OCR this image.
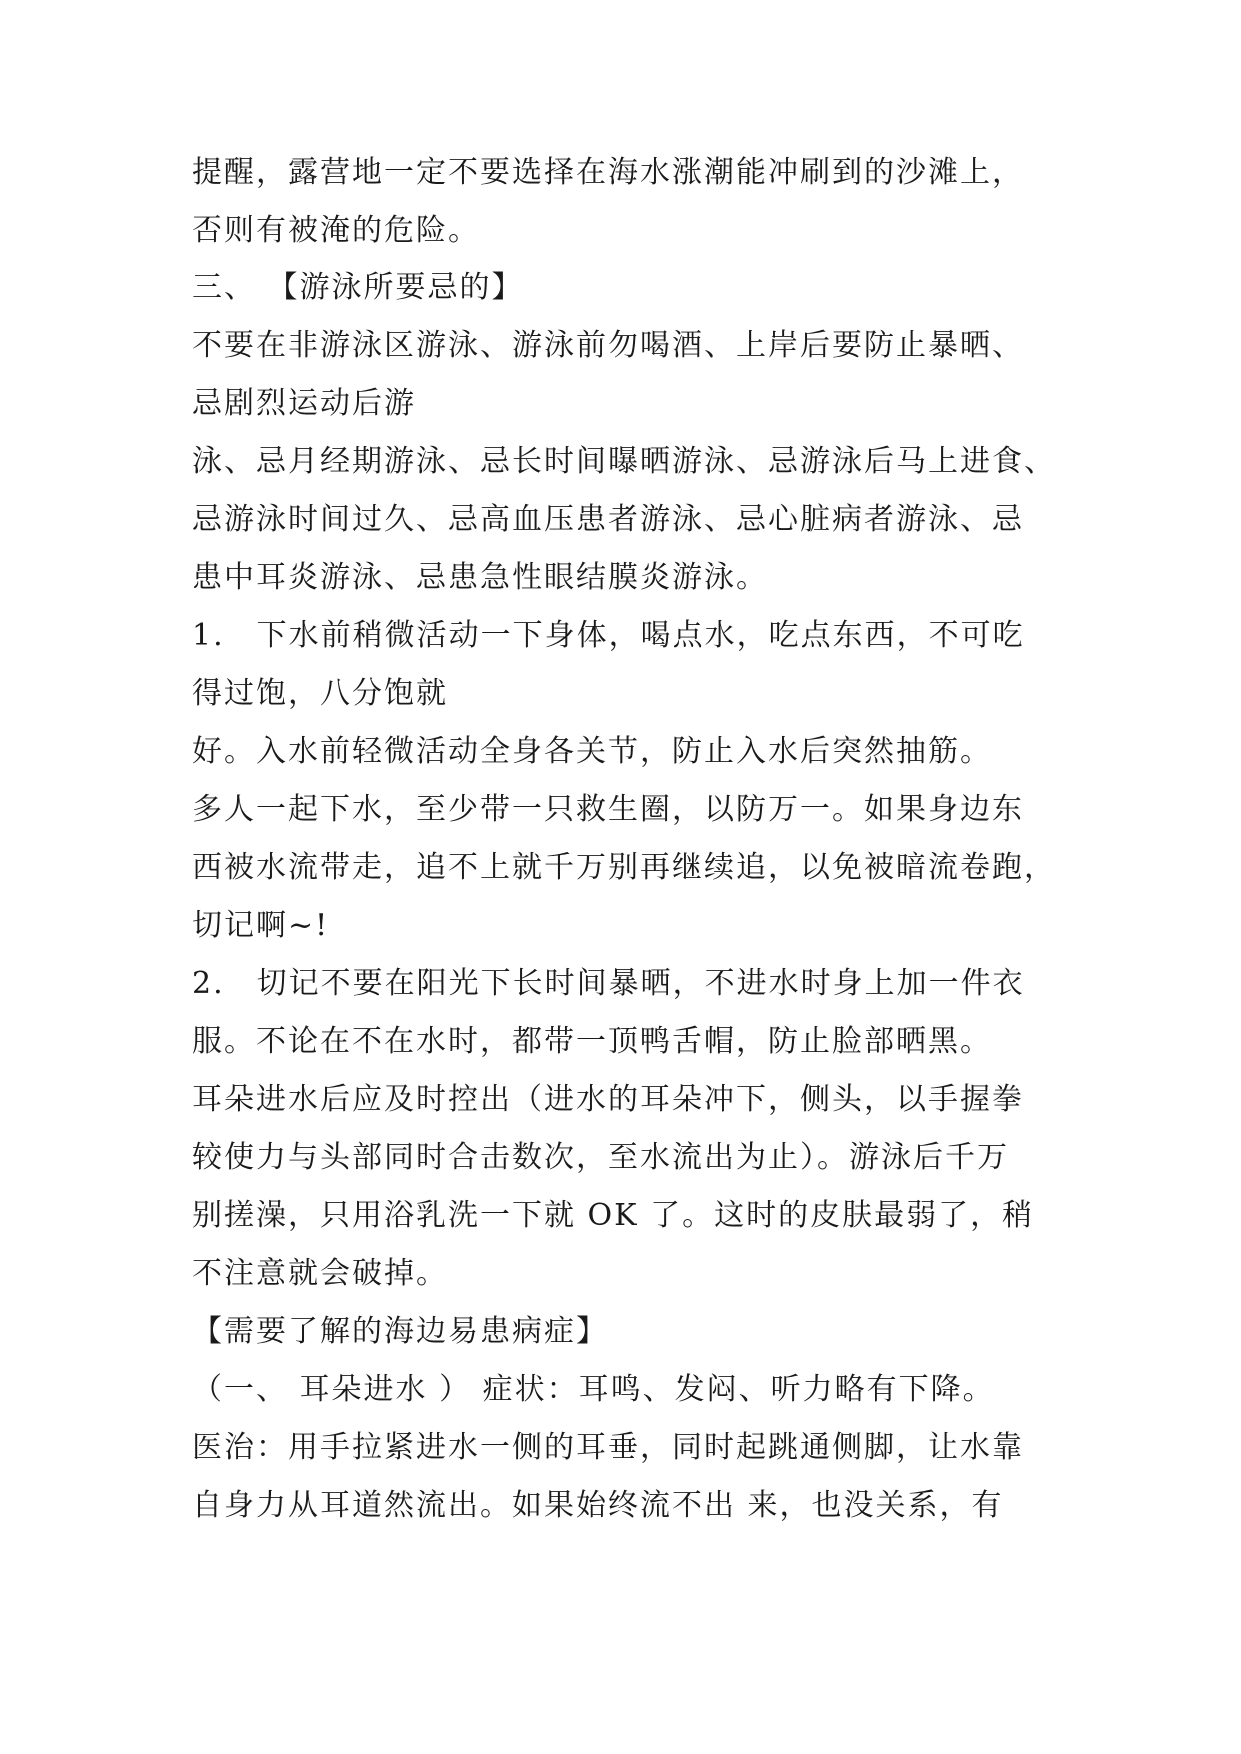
提醒，露营地一定不要选择在海水涨潮能冲刷到的沙滩上，
否则有被淹的危险。
三、 【游泳所要忌的】
不要在非游泳区游泳、游泳前勿喝酒、上岸后要防止暴晒、
忌剧烈运动后游
泳、忌月经期游泳、忌长时间曝晒游泳、忌游泳后马上进食、
忌游泳时间过久、忌高血压患者游泳、忌心脏病者游泳、忌
患中耳炎游泳、忌患急性眼结膜炎游泳。
1.　下水前稍微活动一下身体，喝点水，吃点东西，不可吃
得过饱，八分饱就
好。入水前轻微活动全身各关节，防止入水后突然抽筋。
多人一起下水，至少带一只救生圈，以防万一。如果身边东
西被水流带走，追不上就千万别再继续追，以免被暗流卷跑，
切记啊~!
2.　切记不要在阳光下长时间暴晒，不进水时身上加一件衣
服。不论在不在水时，都带一顶鸭舌帽，防止脸部晒黑。
耳朵进水后应及时控出（进水的耳朵冲下，侧头，以手握拳
较使力与头部同时合击数次，至水流出为止）。游泳后千万
别搓澡，只用浴乳洗一下就 OK 了。这时的皮肤最弱了，稍
不注意就会破掉。
【需要了解的海边易患病症】
（一、 耳朵进水 ） 症状：耳鸣、发闷、听力略有下降。
医治：用手拉紧进水一侧的耳垂，同时起跳通侧脚，让水靠
自身力从耳道然流出。如果始终流不出 来，也没关系，有
